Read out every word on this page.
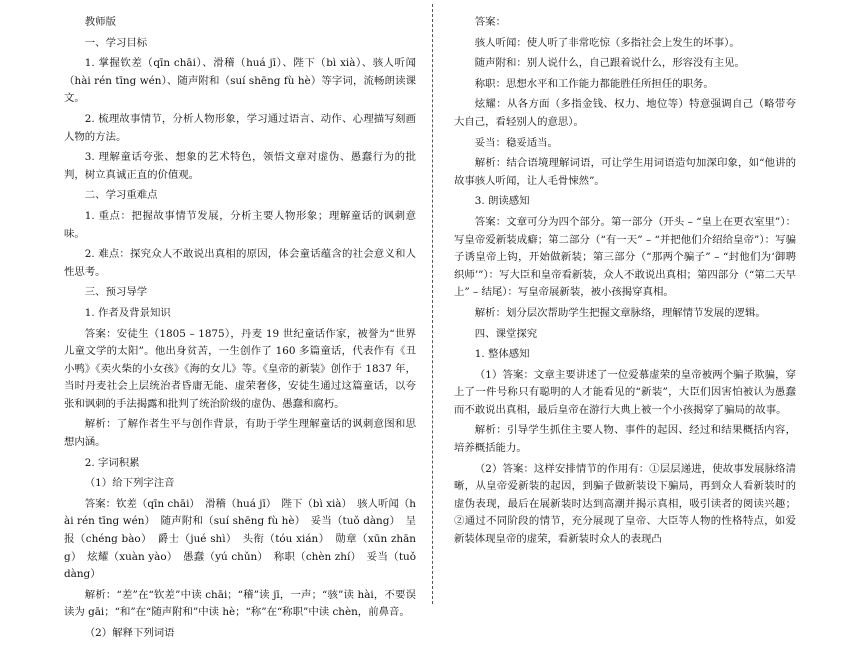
教师版

一、学习目标

1. 掌握钦差（qīn chāi）、滑稽（huá jī）、陛下（bì xià）、骇人听闻（hài rén tīng wén）、随声附和（suí shēng fù hè）等字词，流畅朗读课文。

2. 梳理故事情节，分析人物形象，学习通过语言、动作、心理描写刻画人物的方法。

3. 理解童话夸张、想象的艺术特色，领悟文章对虚伪、愚蠢行为的批判，树立真诚正直的价值观。

二、学习重难点

1. 重点：把握故事情节发展，分析主要人物形象；理解童话的讽刺意味。

2. 难点：探究众人不敢说出真相的原因，体会童话蕴含的社会意义和人性思考。

三、预习导学

1. 作者及背景知识

答案：安徒生（1805 – 1875），丹麦 19 世纪童话作家，被誉为“世界儿童文学的太阳”。他出身贫苦，一生创作了 160 多篇童话，代表作有《丑小鸭》《卖火柴的小女孩》《海的女儿》等。《皇帝的新装》创作于 1837 年，当时丹麦社会上层统治者昏庸无能、虚荣奢侈，安徒生通过这篇童话，以夸张和讽刺的手法揭露和批判了统治阶级的虚伪、愚蠢和腐朽。

解析：了解作者生平与创作背景，有助于学生理解童话的讽刺意图和思想内涵。

2. 字词积累

（1）给下列字注音

答案：钦差（qīn chāi）　滑稽（huá jī）　陛下（bì xià）　骇人听闻（hài rén tīng wén）　随声附和（suí shēng fù hè）　妥当（tuǒ dàng）　呈报（chéng bào）　爵士（jué shì）　头衔（tóu xián）　勋章（xūn zhāng）　炫耀（xuàn yào）　愚蠢（yú chǔn）　称职（chèn zhí）　妥当（tuǒ dàng）

解析：“差”在“钦差”中读 chāi；“稽”读 jī，一声；“骇”读 hài，不要误读为 gāi；“和”在“随声附和”中读 hè；“称”在“称职”中读 chèn，前鼻音。

（2）解释下列词语

答案：

骇人听闻：使人听了非常吃惊（多指社会上发生的坏事）。

随声附和：别人说什么，自己跟着说什么，形容没有主见。

称职：思想水平和工作能力都能胜任所担任的职务。

炫耀：从各方面（多指金钱、权力、地位等）特意强调自己（略带夸大自己，看轻别人的意思）。

妥当：稳妥适当。

解析：结合语境理解词语，可让学生用词语造句加深印象，如“他讲的故事骇人听闻，让人毛骨悚然”。

3. 朗读感知

答案：文章可分为四个部分。第一部分（开头 – “皇上在更衣室里”）：写皇帝爱新装成癖；第二部分（“有一天” – “并把他们介绍给皇帝”）：写骗子诱皇帝上钩，开始做新装；第三部分（“那两个骗子” – “封他们为‘御聘织师’”）：写大臣和皇帝看新装，众人不敢说出真相；第四部分（“第二天早上” – 结尾）：写皇帝展新装，被小孩揭穿真相。

解析：划分层次帮助学生把握文章脉络，理解情节发展的逻辑。

四、课堂探究

1. 整体感知

（1）答案：文章主要讲述了一位爱慕虚荣的皇帝被两个骗子欺骗，穿上了一件号称只有聪明的人才能看见的“新装”，大臣们因害怕被认为愚蠢而不敢说出真相，最后皇帝在游行大典上被一个小孩揭穿了骗局的故事。

解析：引导学生抓住主要人物、事件的起因、经过和结果概括内容，培养概括能力。

（2）答案：这样安排情节的作用有：①层层递进，使故事发展脉络清晰，从皇帝爱新装的起因，到骗子做新装设下骗局，再到众人看新装时的虚伪表现，最后在展新装时达到高潮并揭示真相，吸引读者的阅读兴趣；②通过不同阶段的情节，充分展现了皇帝、大臣等人物的性格特点，如爱新装体现皇帝的虚荣，看新装时众人的表现凸
